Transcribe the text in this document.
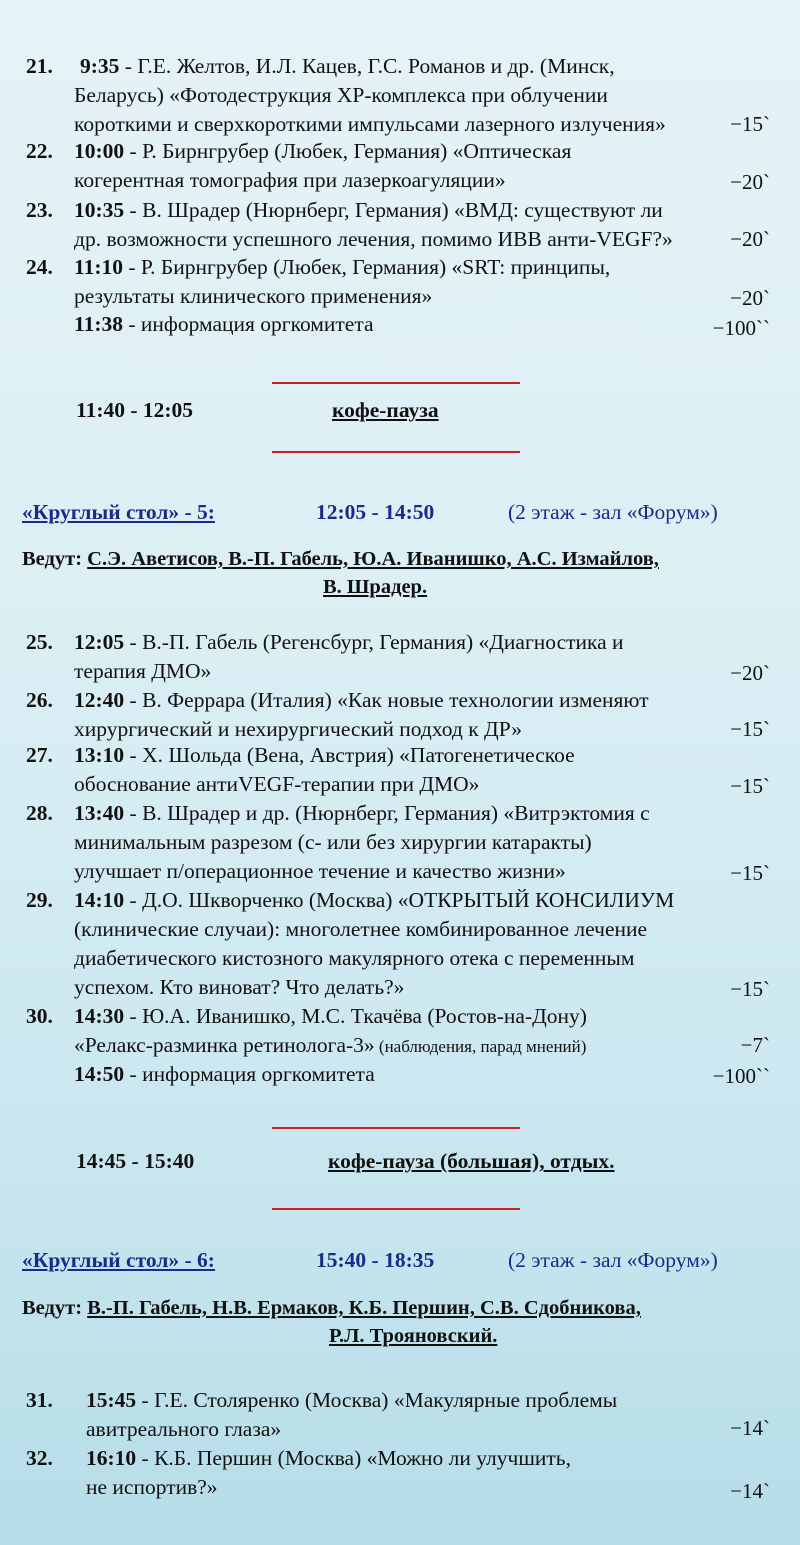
21. 9:35 - Г.Е. Желтов, И.Л. Кацев, Г.С. Романов и др. (Минск,
Беларусь) «Фотодеструкция ХР-комплекса при облучении
короткими и сверхкороткими импульсами лазерного излучения»	−15`
22. 10:00 - Р. Бирнгрубер (Любек, Германия) «Оптическая
когерентная томография при лазеркоагуляции»	−20`
23. 10:35 - В. Шрадер (Нюрнберг, Германия) «ВМД: существуют ли
др. возможности успешного лечения, помимо ИВВ анти-VEGF?»	−20`
24. 11:10 - Р. Бирнгрубер (Любек, Германия) «SRT: принципы,
результаты клинического применения»	−20`
11:38 - информация оргкомитета	−100``
11:40 - 12:05	кофе-пауза
«Круглый стол» - 5:	12:05 - 14:50	(2 этаж - зал «Форум»)
Ведут: С.Э. Аветисов, В.-П. Габель, Ю.А. Иванишко, А.С. Измайлов,
В. Шрадер.
25. 12:05 - В.-П. Габель (Регенсбург, Германия) «Диагностика и
терапия ДМО»	−20`
26. 12:40 - В. Феррара (Италия) «Как новые технологии изменяют
хирургический и нехирургический подход к ДР»	−15`
27. 13:10 - Х. Шольда (Вена, Австрия) «Патогенетическое
обоснование антиVEGF-терапии при ДМО»	−15`
28. 13:40 - В. Шрадер и др. (Нюрнберг, Германия) «Витрэктомия с
минимальным разрезом (с- или без хирургии катаракты)
улучшает п/операционное течение и качество жизни»	−15`
29. 14:10 - Д.О. Шкворченко (Москва) «ОТКРЫТЫЙ КОНСИЛИУМ
(клинические случаи): многолетнее комбинированное лечение
диабетического кистозного макулярного отека с переменным
успехом. Кто виноват? Что делать?»	−15`
30. 14:30 - Ю.А. Иванишко, М.С. Ткачёва (Ростов-на-Дону)
«Релакс-разминка ретинолога-3» (наблюдения, парад мнений)	−7`
14:50 - информация оргкомитета	−100``
14:45 - 15:40	кофе-пауза (большая), отдых.
«Круглый стол» - 6:	15:40 - 18:35	(2 этаж - зал «Форум»)
Ведут: В.-П. Габель, Н.В. Ермаков, К.Б. Першин, С.В. Сдобникова,
Р.Л. Трояновский.
31. 15:45 - Г.Е. Столяренко (Москва) «Макулярные проблемы
авитреального глаза»	−14`
32. 16:10 - К.Б. Першин (Москва) «Можно ли улучшить,
не испортив?»	−14`
